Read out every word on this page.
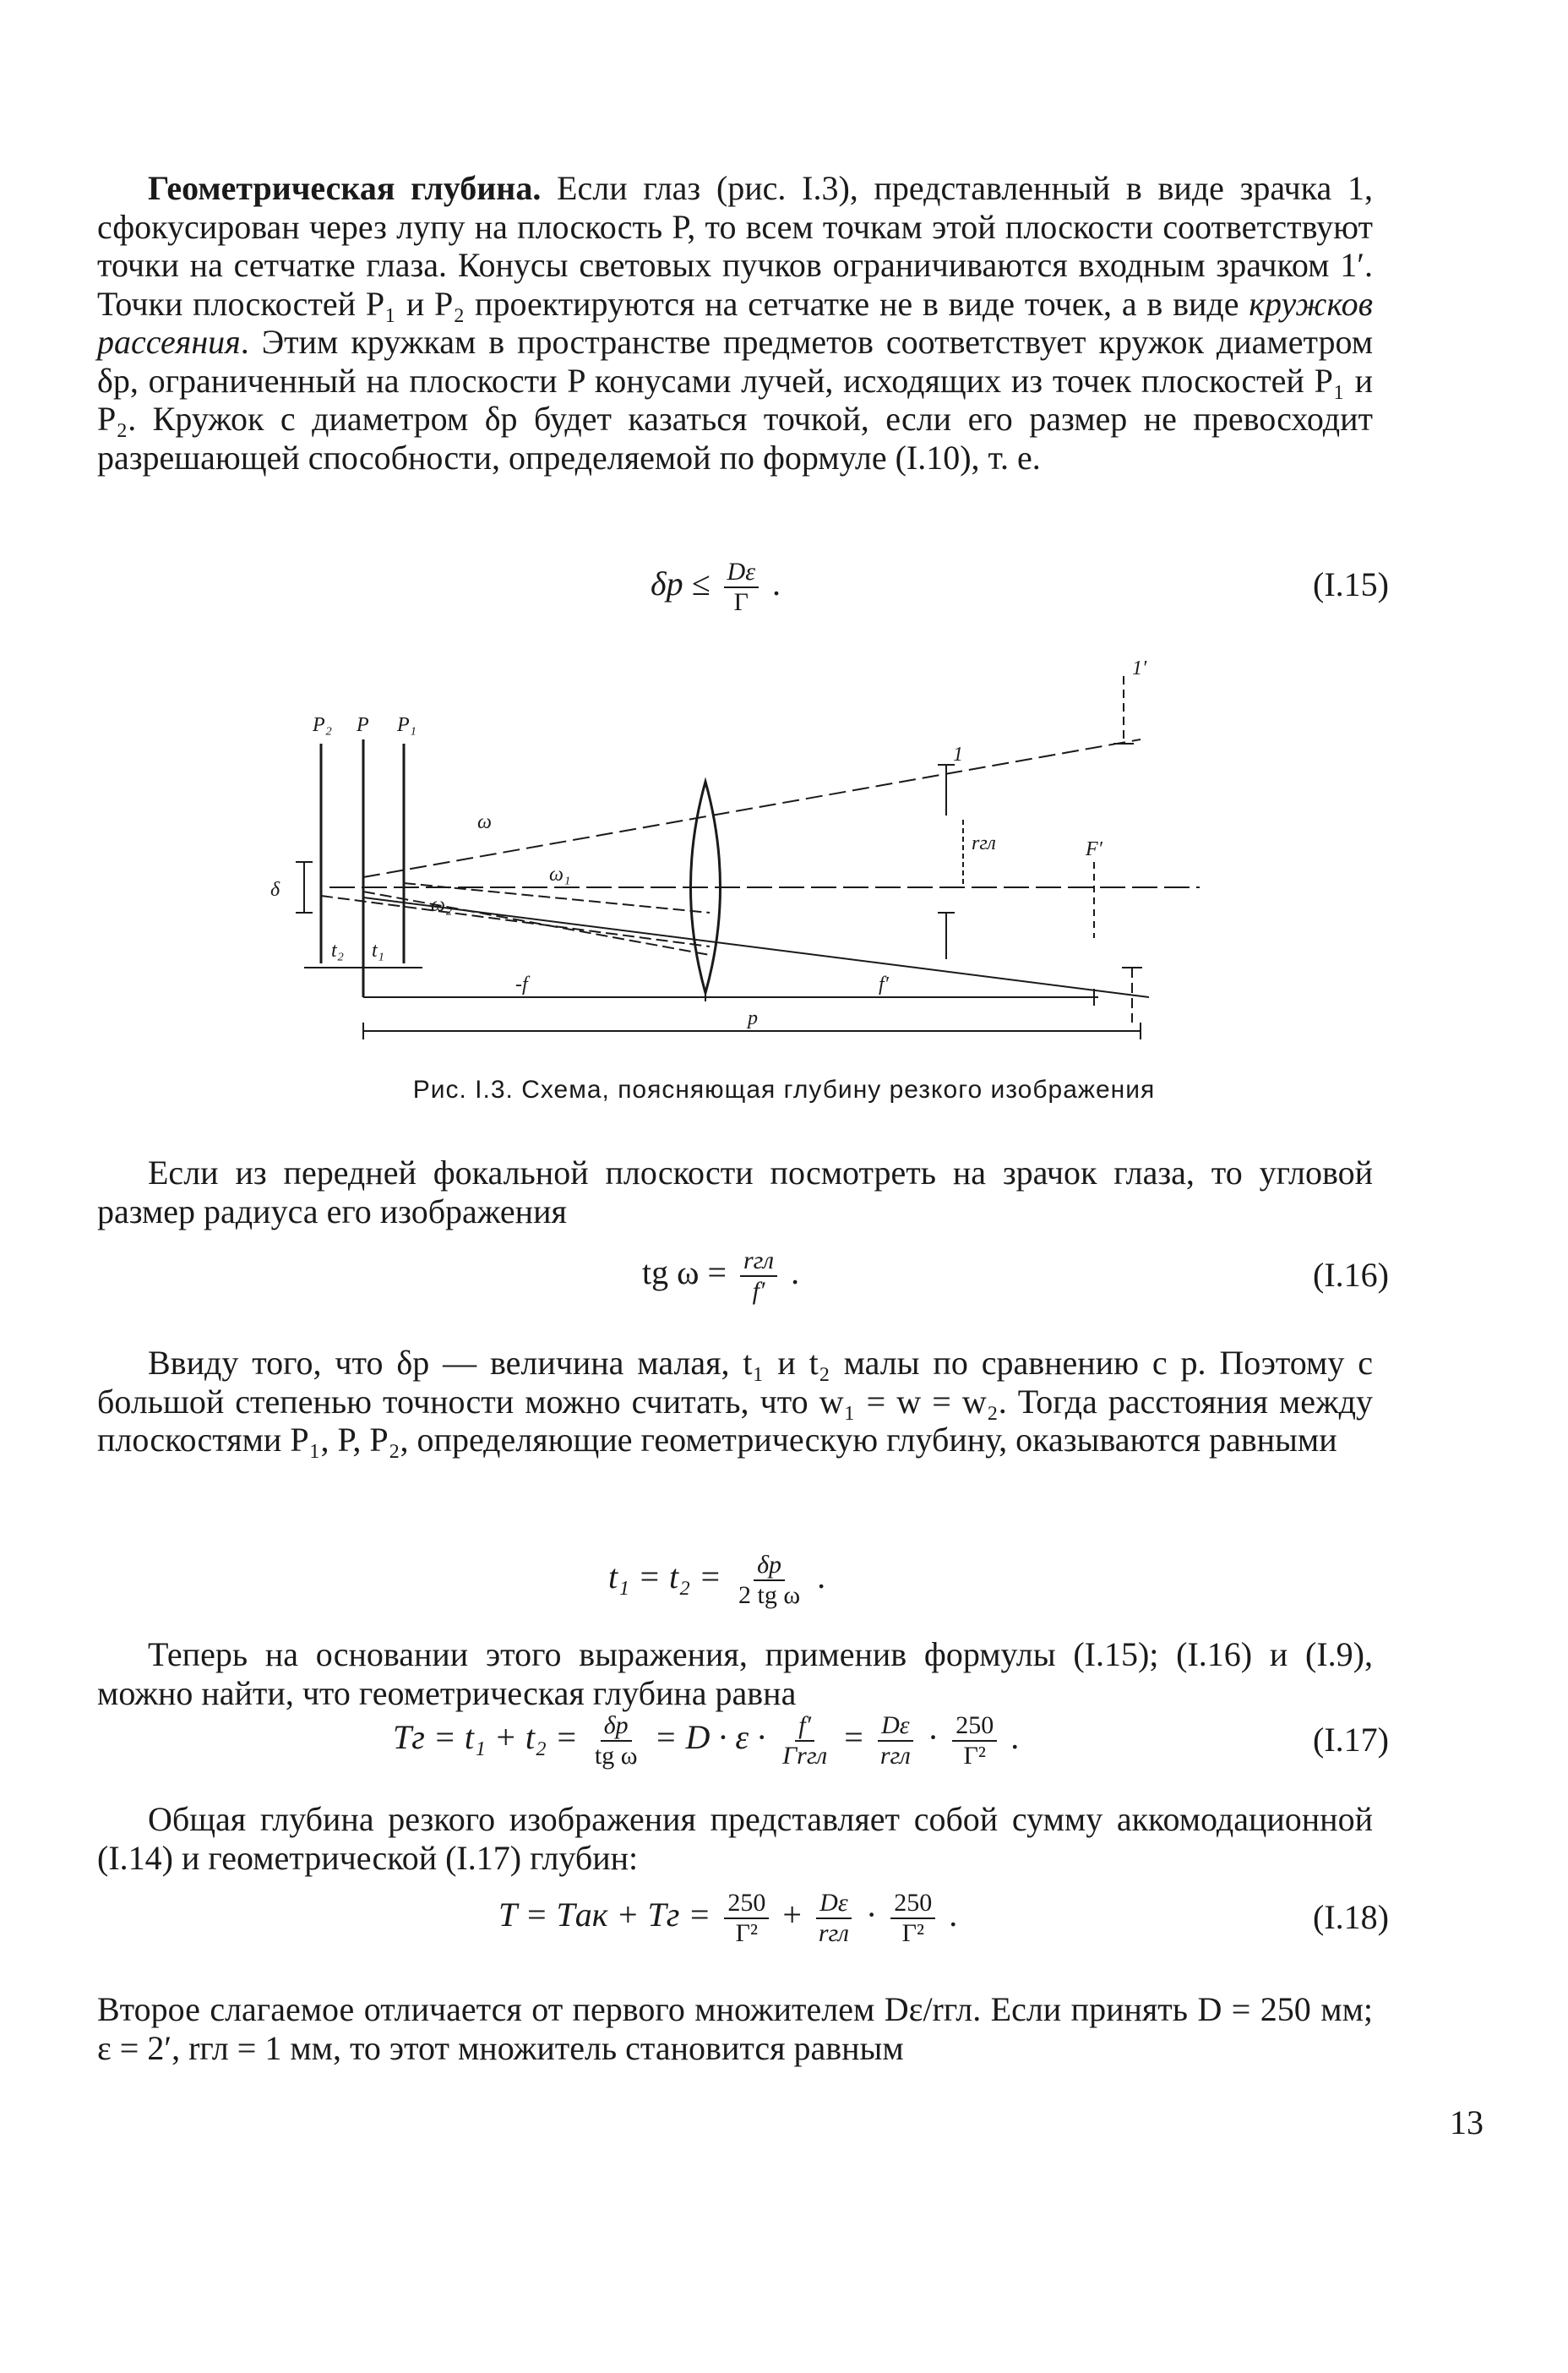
Геометрическая глубина. Если глаз (рис. I.3), представленный в виде зрачка 1, сфокусирован через лупу на плоскость P, то всем точкам этой плоскости соответствуют точки на сетчатке глаза. Конусы световых пучков ограничиваются входным зрачком 1′. Точки плоскостей P₁ и P₂ проектируются на сетчатке не в виде точек, а в виде кружков рассеяния. Этим кружкам в пространстве предметов соответствует кружок диаметром δp, ограниченный на плоскости P конусами лучей, исходящих из точек плоскостей P₁ и P₂. Кружок с диаметром δp будет казаться точкой, если его размер не превосходит разрешающей способности, определяемой по формуле (I.10), т. е.

$\delta p \le \frac{D\varepsilon}{\Gamma}$ .	(I.15)
P₂ P P₁
δ
ω
ω₁
ω₂
t₂ t₁
-f	f′
F′
p
rгл
1
1′
Рис. I.3. Схема, поясняющая глубину резкого изображения

Если из передней фокальной плоскости посмотреть на зрачок глаза, то угловой размер радиуса его изображения

tg $\omega = \frac{\text{rгл}}{f'}$ .	(I.16)

Ввиду того, что δp — величина малая, t₁ и t₂ малы по сравнению с p. Поэтому с большой степенью точности можно считать, что w₁ = w = w₂. Тогда расстояния между плоскостями P₁, P, P₂, определяющие геометрическую глубину, оказываются равными

$t_1 = t_2 = \frac{\delta p}{\text{2 tg ω}}$ .

Теперь на основании этого выражения, применив формулы (I.15); (I.16) и (I.9), можно найти, что геометрическая глубина равна

Tг = $t_1 + t_2 = \frac{\delta p}{\text{tg ω}} = D \cdot \varepsilon \cdot \frac{f'}{\text{Γrгл}} = \frac{D\varepsilon}{\text{rгл}} \cdot \frac{250}{\text{Γ²}}$ .	(I.17)

Общая глубина резкого изображения представляет собой сумму аккомодационной (I.14) и геометрической (I.17) глубин:

T = Tак + Tг = $\frac{250}{\text{Γ²}} + \frac{D\varepsilon}{\text{rгл}} \cdot \frac{250}{\text{Γ²}}$ .	(I.18)

Второе слагаемое отличается от первого множителем Dε/rгл. Если принять D = 250 мм; ε = 2′, rгл = 1 мм, то этот множитель становится равным

13
